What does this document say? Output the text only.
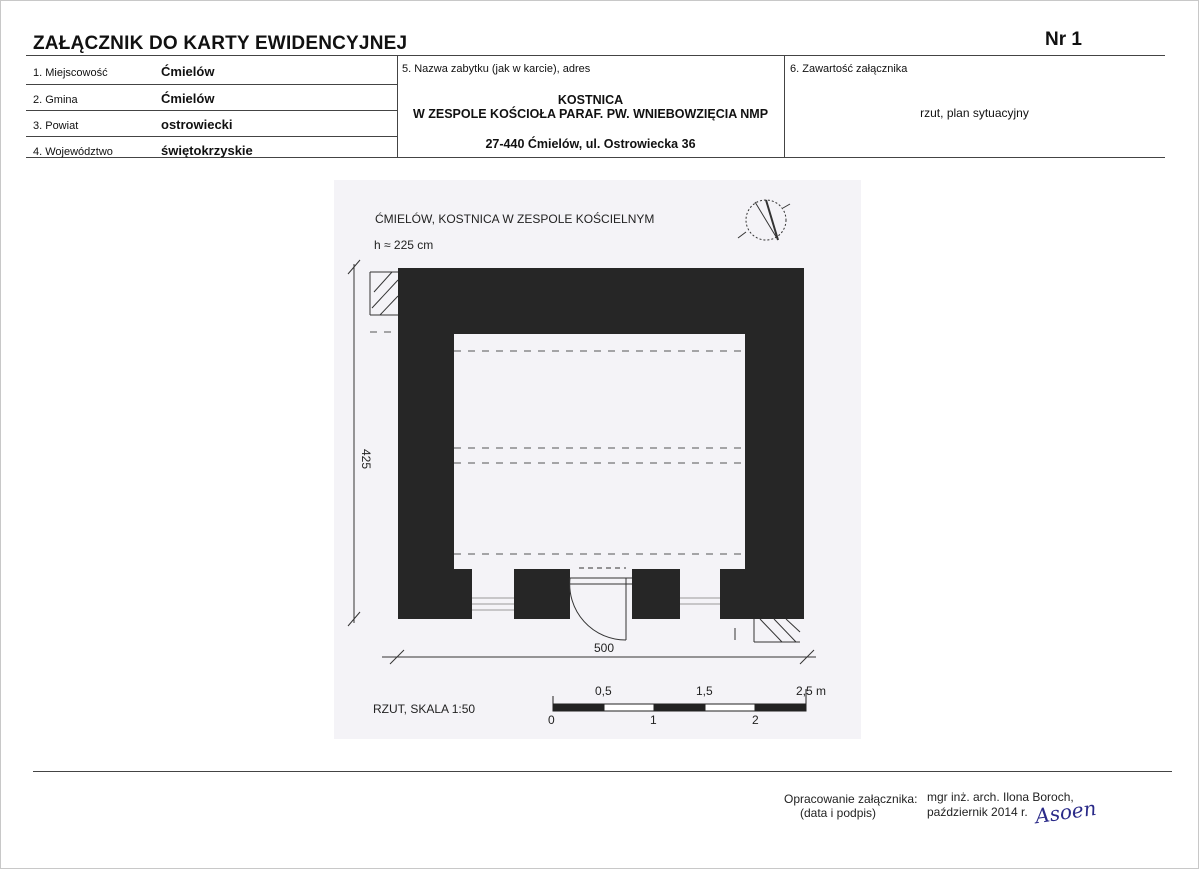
ZAŁĄCZNIK DO KARTY EWIDENCYJNEJ	Nr 1
1. Miejscowość	Ćmielów
2. Gmina	Ćmielów
3. Powiat	ostrowiecki
4. Województwo	świętokrzyskie
5. Nazwa zabytku (jak w karcie), adres
KOSTNICA
W ZESPOLE KOŚCIOŁA PARAF. PW. WNIEBOWZIĘCIA NMP
27-440 Ćmielów, ul. Ostrowiecka 36
6. Zawartość załącznika
rzut, plan sytuacyjny
ĆMIELÓW, KOSTNICA W ZESPOLE KOŚCIELNYM
h ≈ 225 cm
425
500
RZUT, SKALA 1:50
0,5	1,5	2,5 m
0	1	2
Opracowanie załącznika:
(data i podpis)
mgr inż. arch. Ilona Boroch,
październik 2014 r. Asoen
